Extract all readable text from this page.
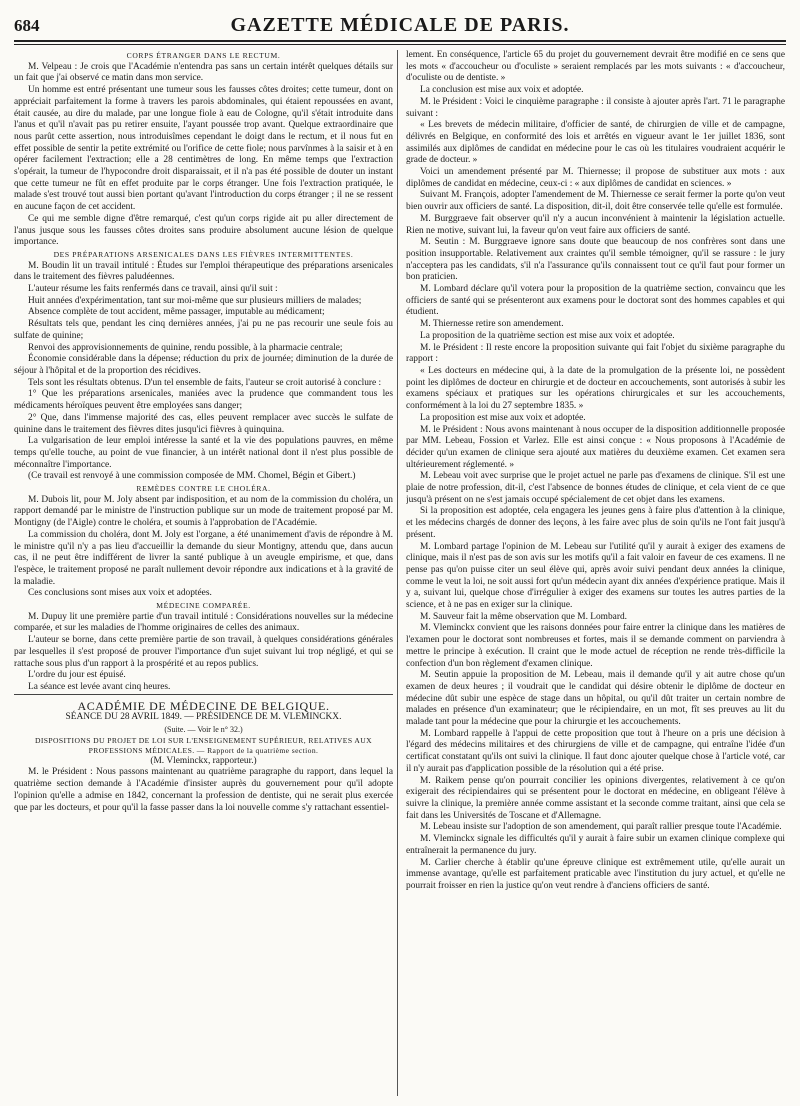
684	GAZETTE MÉDICALE DE PARIS.

CORPS ÉTRANGER DANS LE RECTUM.

M. Velpeau : Je crois que l'Académie n'entendra pas sans un certain intérêt quelques détails sur un fait que j'ai observé ce matin dans mon service.

Un homme est entré présentant une tumeur sous les fausses côtes droites; cette tumeur, dont on appréciait parfaitement la forme à travers les parois abdominales, qui étaient repoussées en avant, était causée, au dire du malade, par une longue fiole à eau de Cologne, qu'il s'était introduite dans l'anus et qu'il n'avait pas pu retirer ensuite, l'ayant poussée trop avant. Quelque extraordinaire que nous parût cette assertion, nous introduisîmes cependant le doigt dans le rectum, et il nous fut en effet possible de sentir la petite extrémité ou l'orifice de cette fiole; nous parvînmes à la saisir et à en opérer facilement l'extraction; elle a 28 centimètres de long. En même temps que l'extraction s'opérait, la tumeur de l'hypocondre droit disparaissait, et il n'a pas été possible de douter un instant que cette tumeur ne fût en effet produite par le corps étranger. Une fois l'extraction pratiquée, le malade s'est trouvé tout aussi bien portant qu'avant l'introduction du corps étranger ; il ne se ressent en aucune façon de cet accident.

Ce qui me semble digne d'être remarqué, c'est qu'un corps rigide ait pu aller directement de l'anus jusque sous les fausses côtes droites sans produire absolument aucune lésion de quelque importance.

DES PRÉPARATIONS ARSENICALES DANS LES FIÈVRES INTERMITTENTES.

M. Boudin lit un travail intitulé : Études sur l'emploi thérapeutique des préparations arsenicales dans le traitement des fièvres paludéennes.

L'auteur résume les faits renfermés dans ce travail, ainsi qu'il suit :

Huit années d'expérimentation, tant sur moi-même que sur plusieurs milliers de malades;

Absence complète de tout accident, même passager, imputable au médicament;

Résultats tels que, pendant les cinq dernières années, j'ai pu ne pas recourir une seule fois au sulfate de quinine;

Renvoi des approvisionnements de quinine, rendu possible, à la pharmacie centrale;

Économie considérable dans la dépense; réduction du prix de journée; diminution de la durée de séjour à l'hôpital et de la proportion des récidives.

Tels sont les résultats obtenus. D'un tel ensemble de faits, l'auteur se croit autorisé à conclure :

1° Que les préparations arsenicales, maniées avec la prudence que commandent tous les médicaments héroïques peuvent être employées sans danger;

2° Que, dans l'immense majorité des cas, elles peuvent remplacer avec succès le sulfate de quinine dans le traitement des fièvres dites jusqu'ici fièvres à quinquina.

La vulgarisation de leur emploi intéresse la santé et la vie des populations pauvres, en même temps qu'elle touche, au point de vue financier, à un intérêt national dont il n'est plus possible de méconnaître l'importance.

(Ce travail est renvoyé à une commission composée de MM. Chomel, Bégin et Gibert.)

REMÈDES CONTRE LE CHOLÉRA.

M. Dubois lit, pour M. Joly absent par indisposition, et au nom de la commission du choléra, un rapport demandé par le ministre de l'instruction publique sur un mode de traitement proposé par M. Montigny (de l'Aigle) contre le choléra, et soumis à l'approbation de l'Académie.

La commission du choléra, dont M. Joly est l'organe, a été unanimement d'avis de répondre à M. le ministre qu'il n'y a pas lieu d'accueillir la demande du sieur Montigny, attendu que, dans aucun cas, il ne peut être indifférent de livrer la santé publique à un aveugle empirisme, et que, dans l'espèce, le traitement proposé ne paraît nullement devoir répondre aux indications et à la gravité de la maladie.

Ces conclusions sont mises aux voix et adoptées.

MÉDECINE COMPARÉE.

M. Dupuy lit une première partie d'un travail intitulé : Considérations nouvelles sur la médecine comparée, et sur les maladies de l'homme originaires de celles des animaux.

L'auteur se borne, dans cette première partie de son travail, à quelques considérations générales par lesquelles il s'est proposé de prouver l'importance d'un sujet suivant lui trop négligé, et qui se rattache sous plus d'un rapport à la prospérité et au repos publics.

L'ordre du jour est épuisé.

La séance est levée avant cinq heures.

ACADÉMIE DE MÉDECINE DE BELGIQUE.

SÉANCE DU 28 AVRIL 1849. — PRÉSIDENCE DE M. VLEMINCKX.

(Suite. — Voir le n° 32.)

DISPOSITIONS DU PROJET DE LOI SUR L'ENSEIGNEMENT SUPÉRIEUR, RELATIVES AUX PROFESSIONS MÉDICALES. — Rapport de la quatrième section.

(M. Vleminckx, rapporteur.)

M. le Président : Nous passons maintenant au quatrième paragraphe du rapport, dans lequel la quatrième section demande à l'Académie d'insister auprès du gouvernement pour qu'il adopte l'opinion qu'elle a admise en 1842, concernant la profession de dentiste, qui ne serait plus exercée que par les docteurs, et pour qu'il la fasse passer dans la loi nouvelle comme s'y rattachant essentiel-

lement. En conséquence, l'article 65 du projet du gouvernement devrait être modifié en ce sens que les mots « d'accoucheur ou d'oculiste » seraient remplacés par les mots suivants : « d'accoucheur, d'oculiste ou de dentiste. »

La conclusion est mise aux voix et adoptée.

M. le Président : Voici le cinquième paragraphe : il consiste à ajouter après l'art. 71 le paragraphe suivant :

« Les brevets de médecin militaire, d'officier de santé, de chirurgien de ville et de campagne, délivrés en Belgique, en conformité des lois et arrêtés en vigueur avant le 1er juillet 1836, sont assimilés aux diplômes de candidat en médecine pour le cas où les titulaires voudraient acquérir le grade de docteur. »

Voici un amendement présenté par M. Thiernesse; il propose de substituer aux mots : aux diplômes de candidat en médecine, ceux-ci : « aux diplômes de candidat en sciences. »

Suivant M. François, adopter l'amendement de M. Thiernesse ce serait fermer la porte qu'on veut bien ouvrir aux officiers de santé. La disposition, dit-il, doit être conservée telle qu'elle est formulée.

M. Burggraeve fait observer qu'il n'y a aucun inconvénient à maintenir la législation actuelle. Rien ne motive, suivant lui, la faveur qu'on veut faire aux officiers de santé.

M. Seutin : M. Burggraeve ignore sans doute que beaucoup de nos confrères sont dans une position insupportable. Relativement aux craintes qu'il semble témoigner, qu'il se rassure : le jury n'acceptera pas les candidats, s'il n'a l'assurance qu'ils connaissent tout ce qu'il faut pour former un bon praticien.

M. Lombard déclare qu'il votera pour la proposition de la quatrième section, convaincu que les officiers de santé qui se présenteront aux examens pour le doctorat sont des hommes capables et qui étudient.

M. Thiernesse retire son amendement.

La proposition de la quatrième section est mise aux voix et adoptée.

M. le Président : Il reste encore la proposition suivante qui fait l'objet du sixième paragraphe du rapport :

« Les docteurs en médecine qui, à la date de la promulgation de la présente loi, ne possèdent point les diplômes de docteur en chirurgie et de docteur en accouchements, sont autorisés à subir les examens spéciaux et pratiques sur les opérations chirurgicales et sur les accouchements, conformément à la loi du 27 septembre 1835. »

La proposition est mise aux voix et adoptée.

M. le Président : Nous avons maintenant à nous occuper de la disposition additionnelle proposée par MM. Lebeau, Fossion et Varlez. Elle est ainsi conçue : « Nous proposons à l'Académie de décider qu'un examen de clinique sera ajouté aux matières du deuxième examen. Cet examen sera ultérieurement réglementé. »

M. Lebeau voit avec surprise que le projet actuel ne parle pas d'examens de clinique. S'il est une plaie de notre profession, dit-il, c'est l'absence de bonnes études de clinique, et cela vient de ce que jusqu'à présent on ne s'est jamais occupé spécialement de cet objet dans les examens.

Si la proposition est adoptée, cela engagera les jeunes gens à faire plus d'attention à la clinique, et les médecins chargés de donner des leçons, à les faire avec plus de soin qu'ils ne l'ont fait jusqu'à présent.

M. Lombard partage l'opinion de M. Lebeau sur l'utilité qu'il y aurait à exiger des examens de clinique, mais il n'est pas de son avis sur les motifs qu'il a fait valoir en faveur de ces examens. Il ne pense pas qu'on puisse citer un seul élève qui, après avoir suivi pendant deux années la clinique, comme le veut la loi, ne soit aussi fort qu'un médecin ayant dix années d'expérience pratique. Mais il y a, suivant lui, quelque chose d'irrégulier à exiger des examens sur toutes les autres parties de la science, et à ne pas en exiger sur la clinique.

M. Sauveur fait la même observation que M. Lombard.

M. Vleminckx convient que les raisons données pour faire entrer la clinique dans les matières de l'examen pour le doctorat sont nombreuses et fortes, mais il se demande comment on parviendra à mettre le principe à exécution. Il craint que le mode actuel de réception ne rende très-difficile la confection d'un bon règlement d'examen clinique.

M. Seutin appuie la proposition de M. Lebeau, mais il demande qu'il y ait autre chose qu'un examen de deux heures ; il voudrait que le candidat qui désire obtenir le diplôme de docteur en médecine dût subir une espèce de stage dans un hôpital, ou qu'il dût traiter un certain nombre de malades en présence d'un examinateur; que le récipiendaire, en un mot, fît ses preuves au lit du malade tant pour la médecine que pour la chirurgie et les accouchements.

M. Lombard rappelle à l'appui de cette proposition que tout à l'heure on a pris une décision à l'égard des médecins militaires et des chirurgiens de ville et de campagne, qui entraîne l'idée d'un certificat constatant qu'ils ont suivi la clinique. Il faut donc ajouter quelque chose à l'article voté, car il n'y aurait pas d'application possible de la résolution qui a été prise.

M. Raikem pense qu'on pourrait concilier les opinions divergentes, relativement à ce qu'on exigerait des récipiendaires qui se présentent pour le doctorat en médecine, en obligeant l'élève à suivre la clinique, la première année comme assistant et la seconde comme traitant, ainsi que cela se fait dans les Universités de Toscane et d'Allemagne.

M. Lebeau insiste sur l'adoption de son amendement, qui paraît rallier presque toute l'Académie.

M. Vleminckx signale les difficultés qu'il y aurait à faire subir un examen clinique complexe qui entraînerait la permanence du jury.

M. Carlier cherche à établir qu'une épreuve clinique est extrêmement utile, qu'elle aurait un immense avantage, qu'elle est parfaitement praticable avec l'institution du jury actuel, et qu'elle ne pourrait froisser en rien la justice qu'on veut rendre à d'anciens officiers de santé.
